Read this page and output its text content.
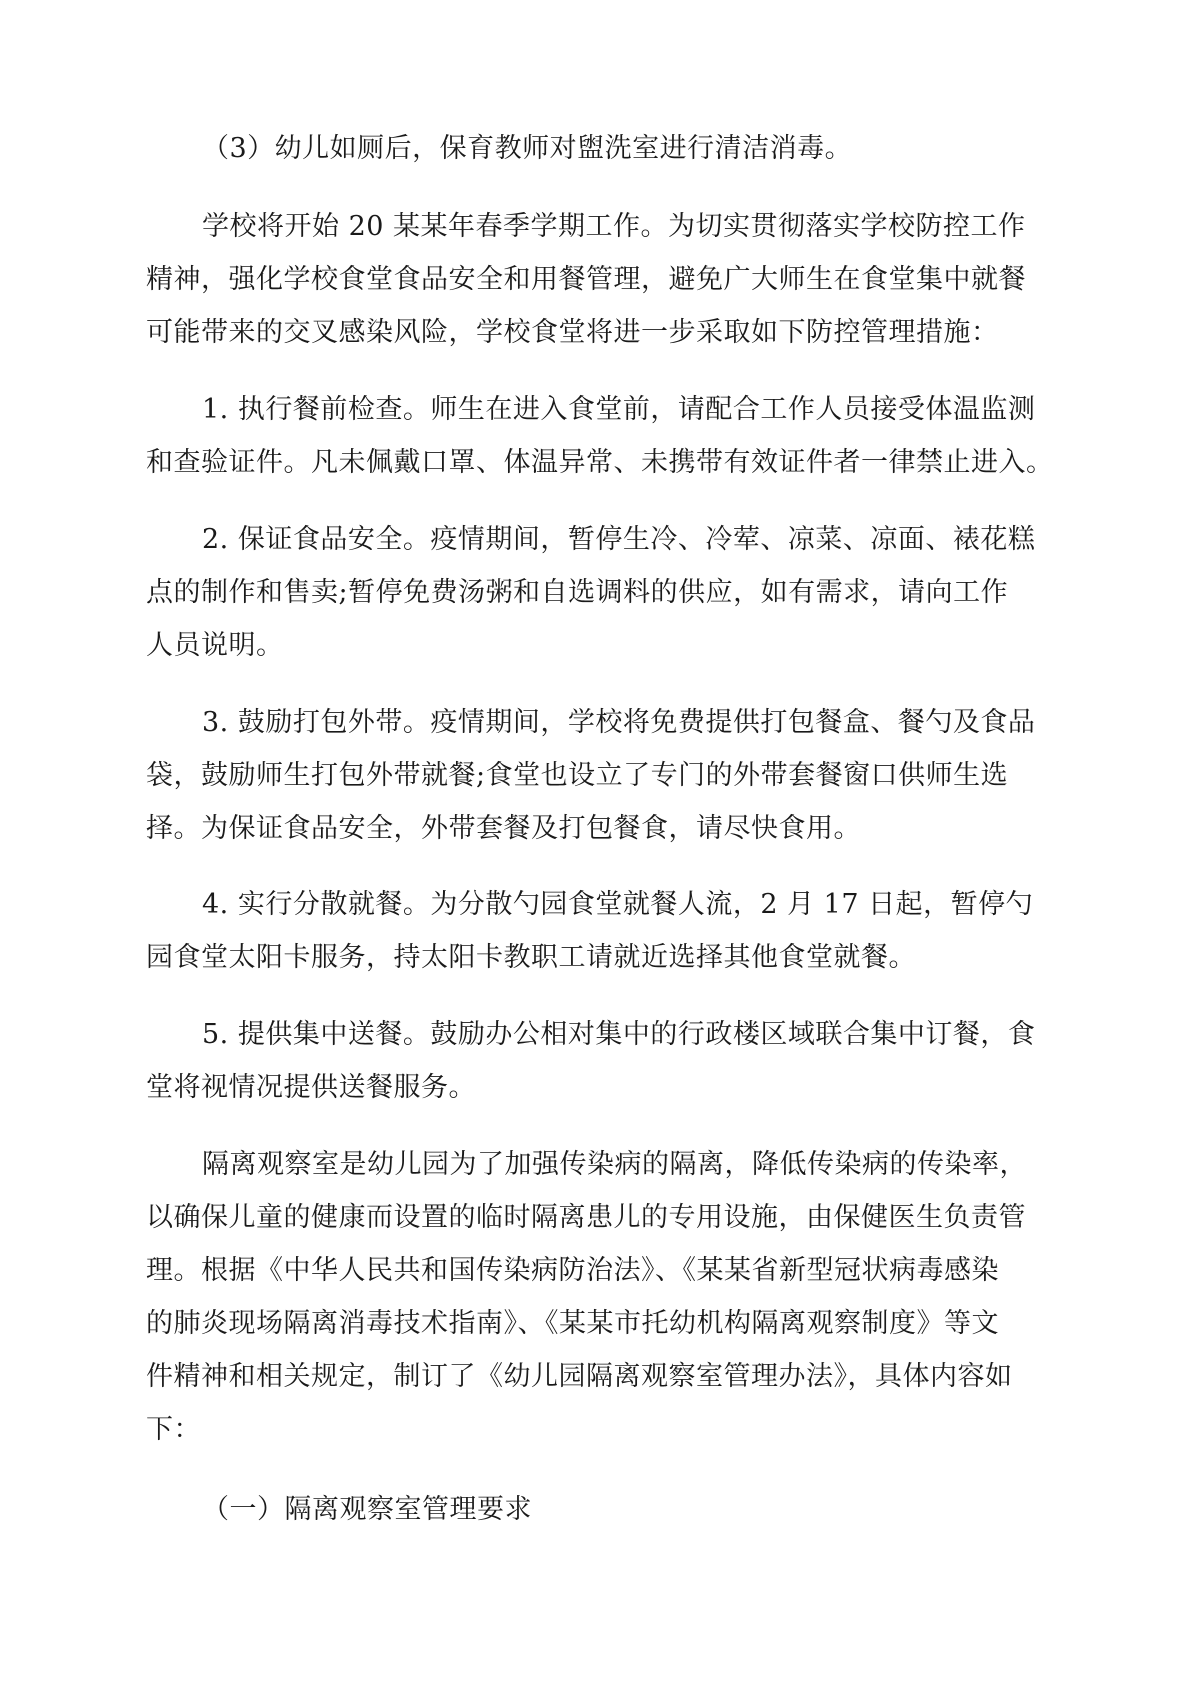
（3）幼儿如厕后，保育教师对盥洗室进行清洁消毒。

学校将开始 20 某某年春季学期工作。为切实贯彻落实学校防控工作
精神，强化学校食堂食品安全和用餐管理，避免广大师生在食堂集中就餐
可能带来的交叉感染风险，学校食堂将进一步采取如下防控管理措施：

1. 执行餐前检查。师生在进入食堂前，请配合工作人员接受体温监测
和查验证件。凡未佩戴口罩、体温异常、未携带有效证件者一律禁止进入。

2. 保证食品安全。疫情期间，暂停生冷、冷荤、凉菜、凉面、裱花糕
点的制作和售卖;暂停免费汤粥和自选调料的供应，如有需求，请向工作
人员说明。

3. 鼓励打包外带。疫情期间，学校将免费提供打包餐盒、餐勺及食品
袋，鼓励师生打包外带就餐;食堂也设立了专门的外带套餐窗口供师生选
择。为保证食品安全，外带套餐及打包餐食，请尽快食用。

4. 实行分散就餐。为分散勺园食堂就餐人流，2 月 17 日起，暂停勺
园食堂太阳卡服务，持太阳卡教职工请就近选择其他食堂就餐。

5. 提供集中送餐。鼓励办公相对集中的行政楼区域联合集中订餐，食
堂将视情况提供送餐服务。

隔离观察室是幼儿园为了加强传染病的隔离，降低传染病的传染率，
以确保儿童的健康而设置的临时隔离患儿的专用设施，由保健医生负责管
理。根据《中华人民共和国传染病防治法》、《某某省新型冠状病毒感染
的肺炎现场隔离消毒技术指南》、《某某市托幼机构隔离观察制度》等文
件精神和相关规定，制订了《幼儿园隔离观察室管理办法》，具体内容如
下：

（一）隔离观察室管理要求
